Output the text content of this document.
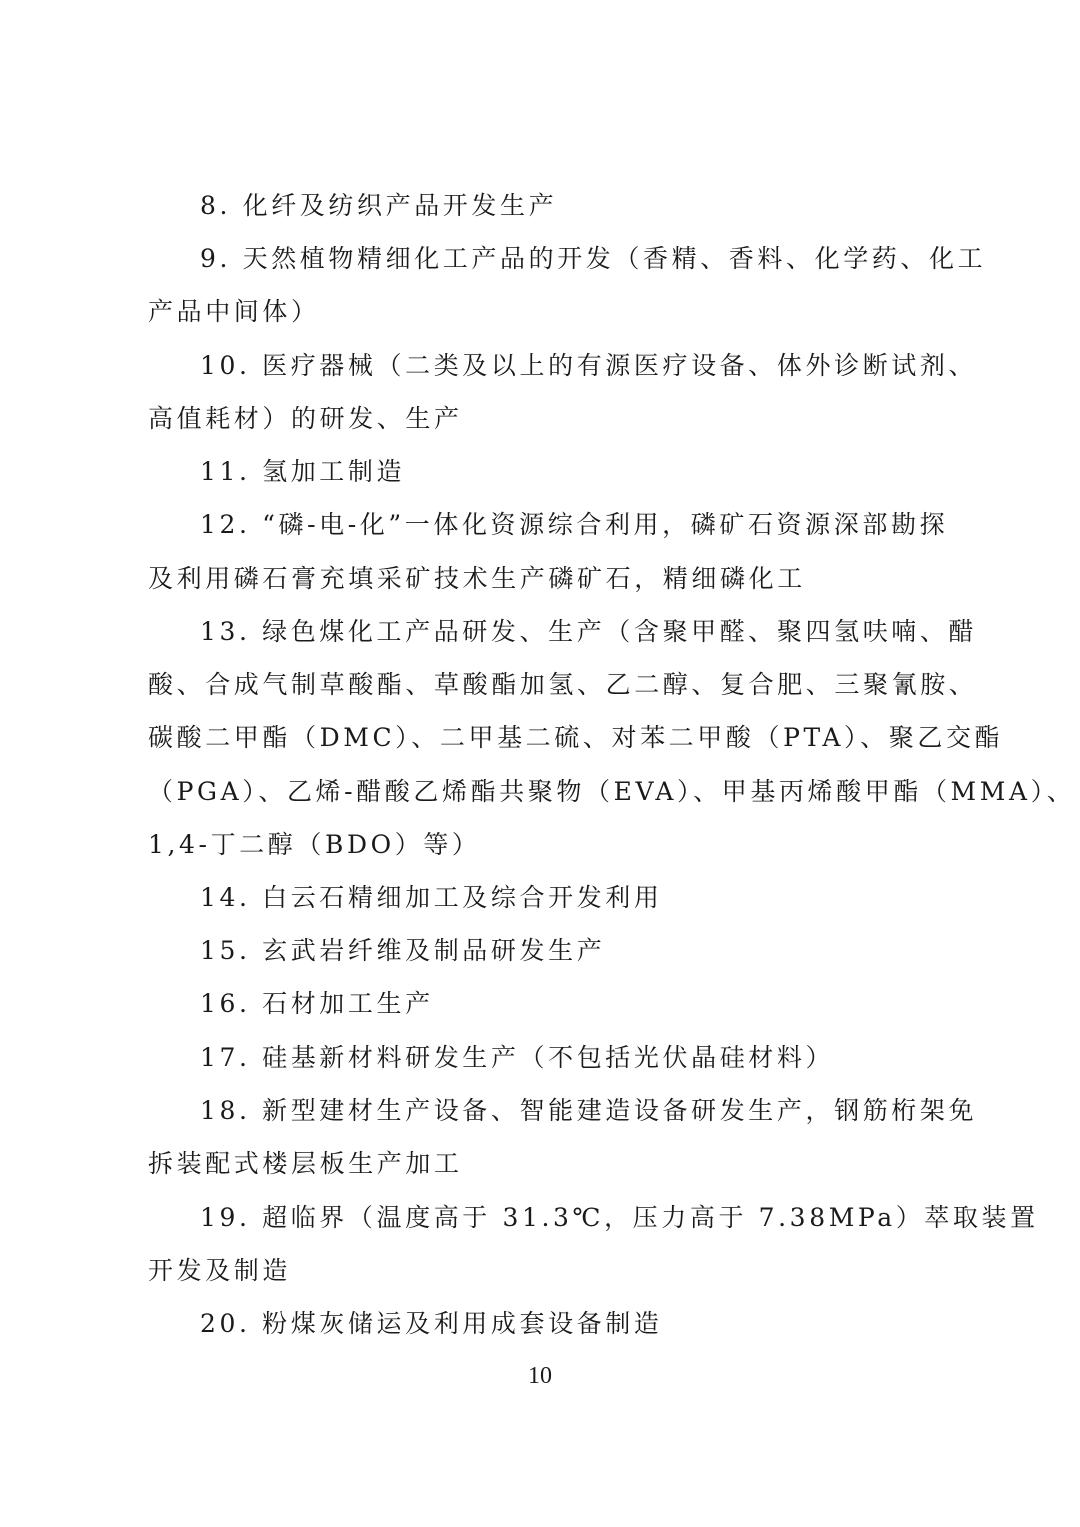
8. 化纤及纺织产品开发生产
9. 天然植物精细化工产品的开发（香精、香料、化学药、化工
产品中间体）
10. 医疗器械（二类及以上的有源医疗设备、体外诊断试剂、
高值耗材）的研发、生产
11. 氢加工制造
12. “磷-电-化”一体化资源综合利用，磷矿石资源深部勘探
及利用磷石膏充填采矿技术生产磷矿石，精细磷化工
13. 绿色煤化工产品研发、生产（含聚甲醛、聚四氢呋喃、醋
酸、合成气制草酸酯、草酸酯加氢、乙二醇、复合肥、三聚氰胺、
碳酸二甲酯（DMC）、二甲基二硫、对苯二甲酸（PTA）、聚乙交酯
（PGA）、乙烯-醋酸乙烯酯共聚物（EVA）、甲基丙烯酸甲酯（MMA）、
1,4-丁二醇（BDO）等）
14. 白云石精细加工及综合开发利用
15. 玄武岩纤维及制品研发生产
16. 石材加工生产
17. 硅基新材料研发生产（不包括光伏晶硅材料）
18. 新型建材生产设备、智能建造设备研发生产，钢筋桁架免
拆装配式楼层板生产加工
19. 超临界（温度高于 31.3℃，压力高于 7.38MPa）萃取装置
开发及制造
20. 粉煤灰储运及利用成套设备制造
10
